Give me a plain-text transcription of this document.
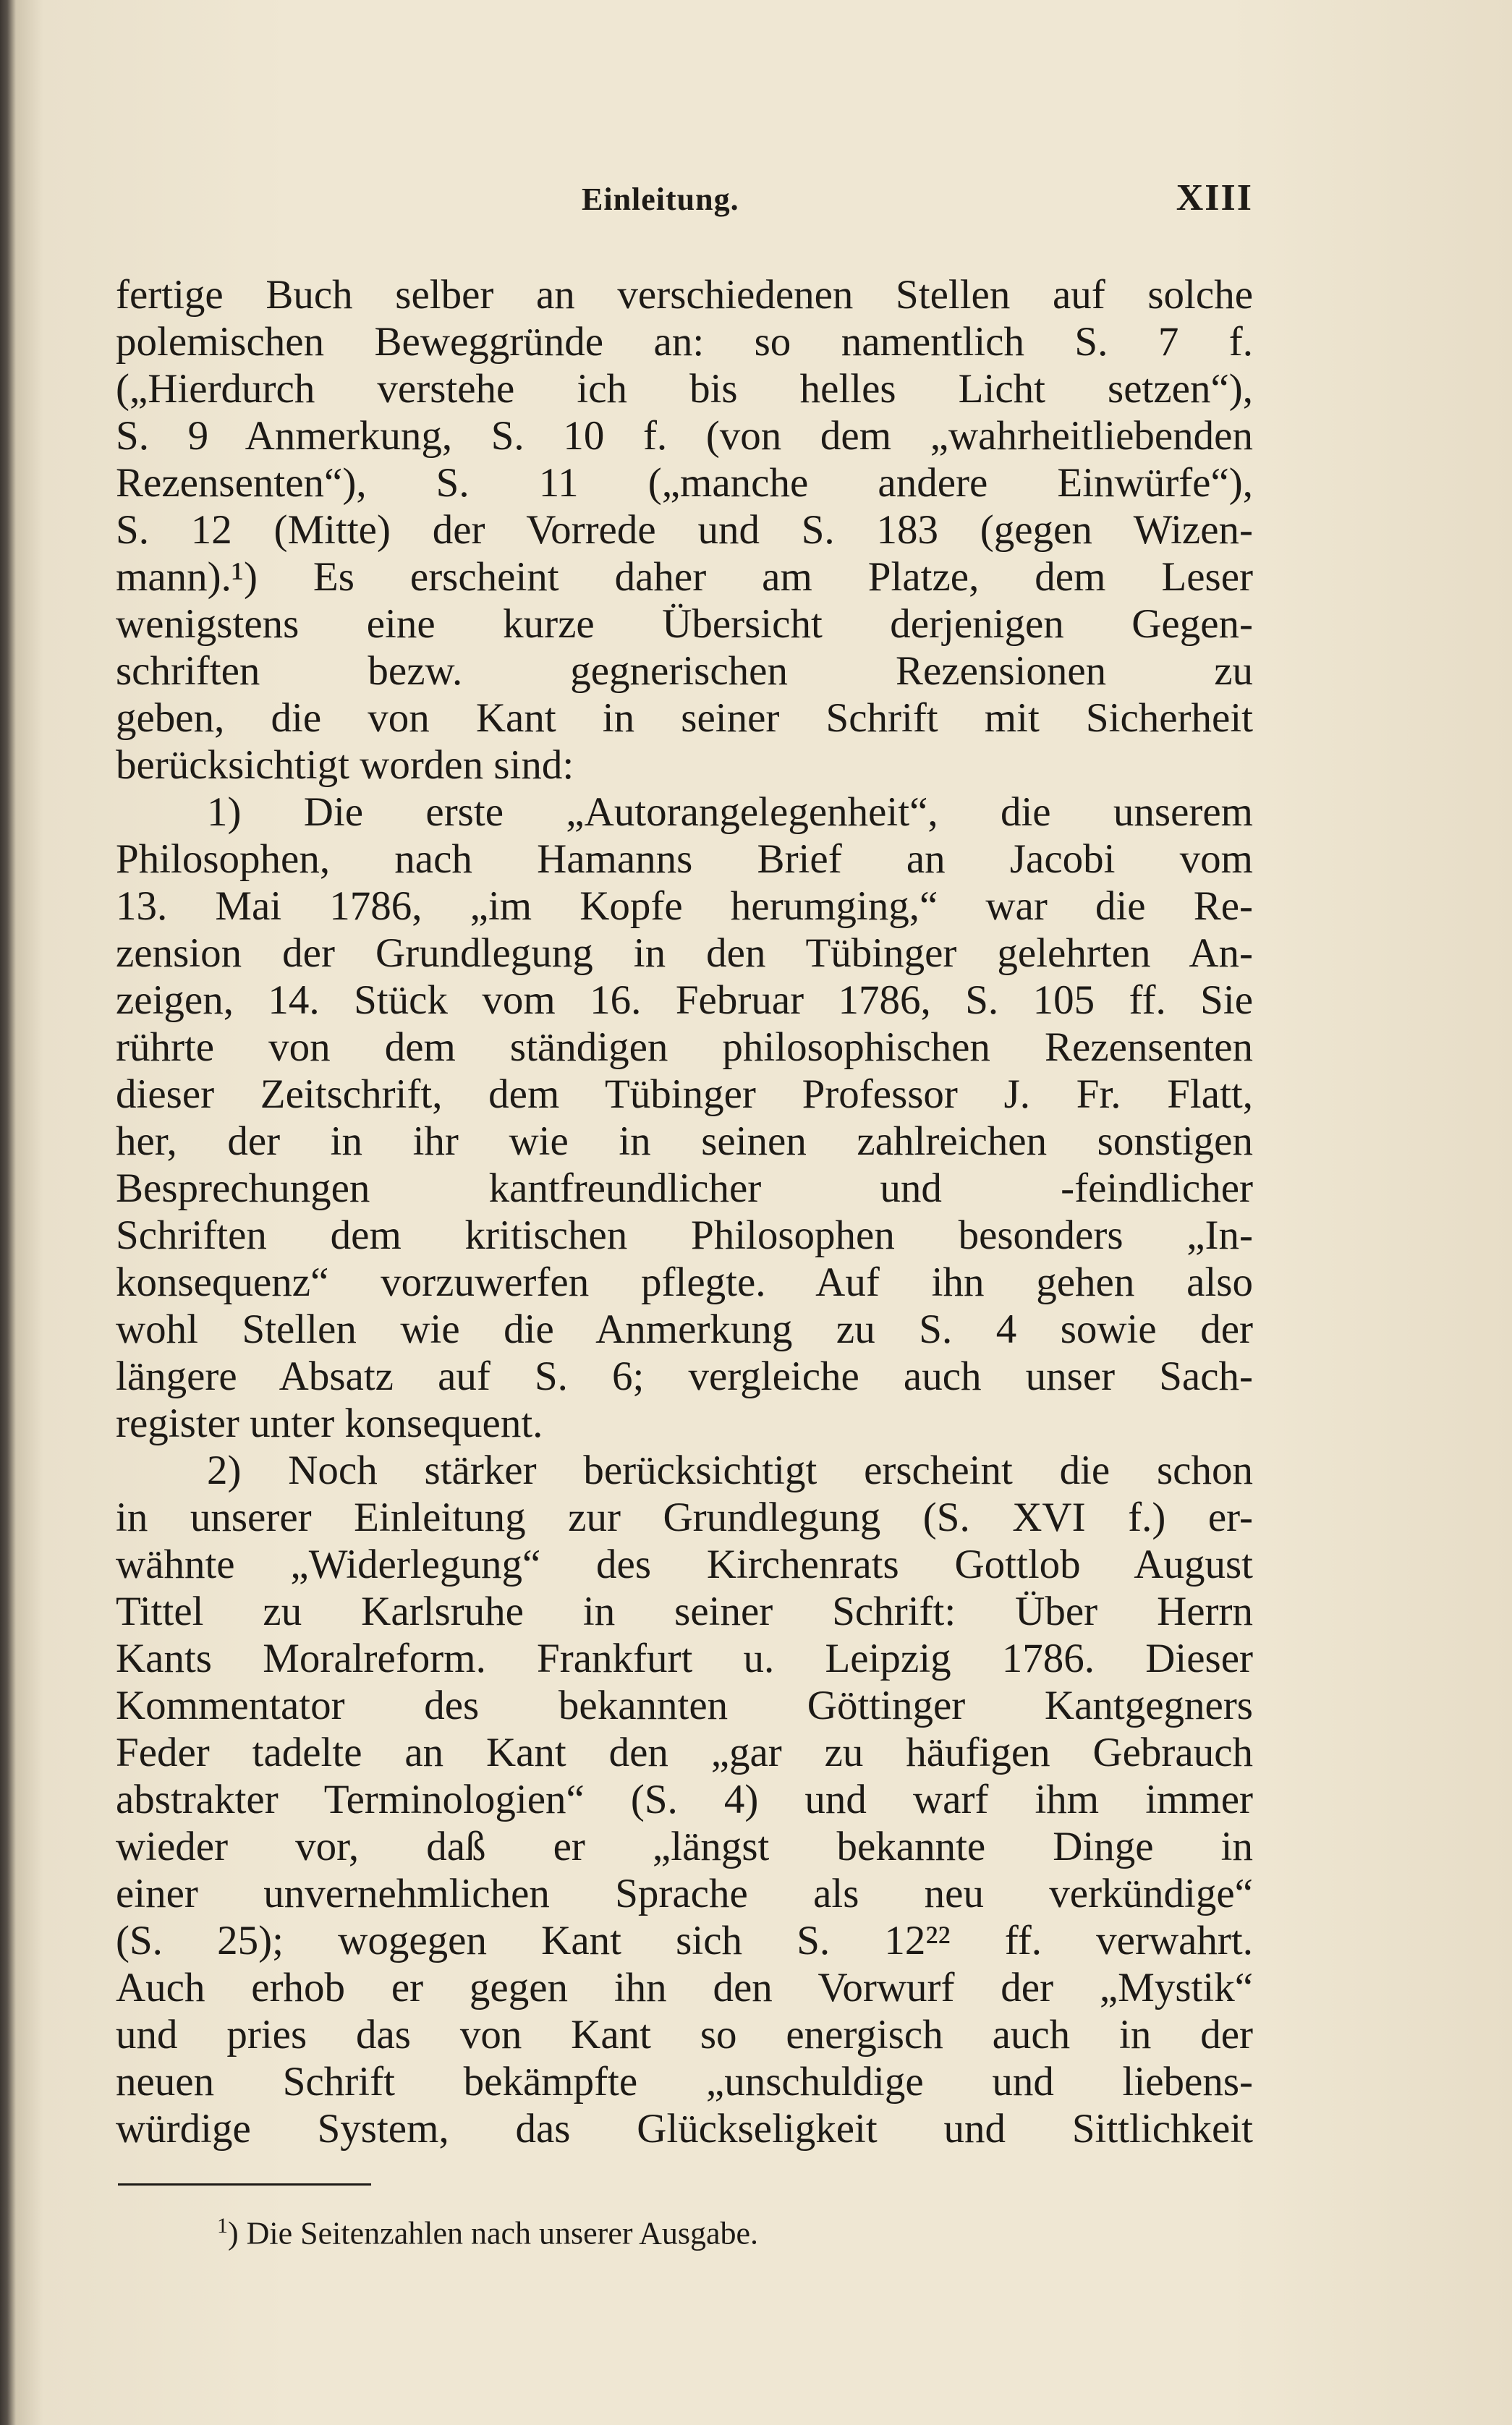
Einleitung.	XIII
fertige Buch selber an verschiedenen Stellen auf solche
polemischen Beweggründe an: so namentlich S. 7 f.
(„Hierdurch verstehe ich bis helles Licht setzen“),
S. 9 Anmerkung, S. 10 f. (von dem „wahrheitliebenden
Rezensenten“), S. 11 („manche andere Einwürfe“),
S. 12 (Mitte) der Vorrede und S. 183 (gegen Wizen-
mann).¹) Es erscheint daher am Platze, dem Leser
wenigstens eine kurze Übersicht derjenigen Gegen-
schriften bezw. gegnerischen Rezensionen zu
geben, die von Kant in seiner Schrift mit Sicherheit
berücksichtigt worden sind:
1) Die erste „Autorangelegenheit“, die unserem
Philosophen, nach Hamanns Brief an Jacobi vom
13. Mai 1786, „im Kopfe herumging,“ war die Re-
zension der Grundlegung in den Tübinger gelehrten An-
zeigen, 14. Stück vom 16. Februar 1786, S. 105 ff. Sie
rührte von dem ständigen philosophischen Rezensenten
dieser Zeitschrift, dem Tübinger Professor J. Fr. Flatt,
her, der in ihr wie in seinen zahlreichen sonstigen
Besprechungen kantfreundlicher und -feindlicher
Schriften dem kritischen Philosophen besonders „In-
konsequenz“ vorzuwerfen pflegte. Auf ihn gehen also
wohl Stellen wie die Anmerkung zu S. 4 sowie der
längere Absatz auf S. 6; vergleiche auch unser Sach-
register unter konsequent.
2) Noch stärker berücksichtigt erscheint die schon
in unserer Einleitung zur Grundlegung (S. XVI f.) er-
wähnte „Widerlegung“ des Kirchenrats Gottlob August
Tittel zu Karlsruhe in seiner Schrift: Über Herrn
Kants Moralreform. Frankfurt u. Leipzig 1786. Dieser
Kommentator des bekannten Göttinger Kantgegners
Feder tadelte an Kant den „gar zu häufigen Gebrauch
abstrakter Terminologien“ (S. 4) und warf ihm immer
wieder vor, daß er „längst bekannte Dinge in
einer unvernehmlichen Sprache als neu verkündige“
(S. 25); wogegen Kant sich S. 12²² ff. verwahrt.
Auch erhob er gegen ihn den Vorwurf der „Mystik“
und pries das von Kant so energisch auch in der
neuen Schrift bekämpfte „unschuldige und liebens-
würdige System, das Glückseligkeit und Sittlichkeit
$^1$) Die Seitenzahlen nach unserer Ausgabe.
